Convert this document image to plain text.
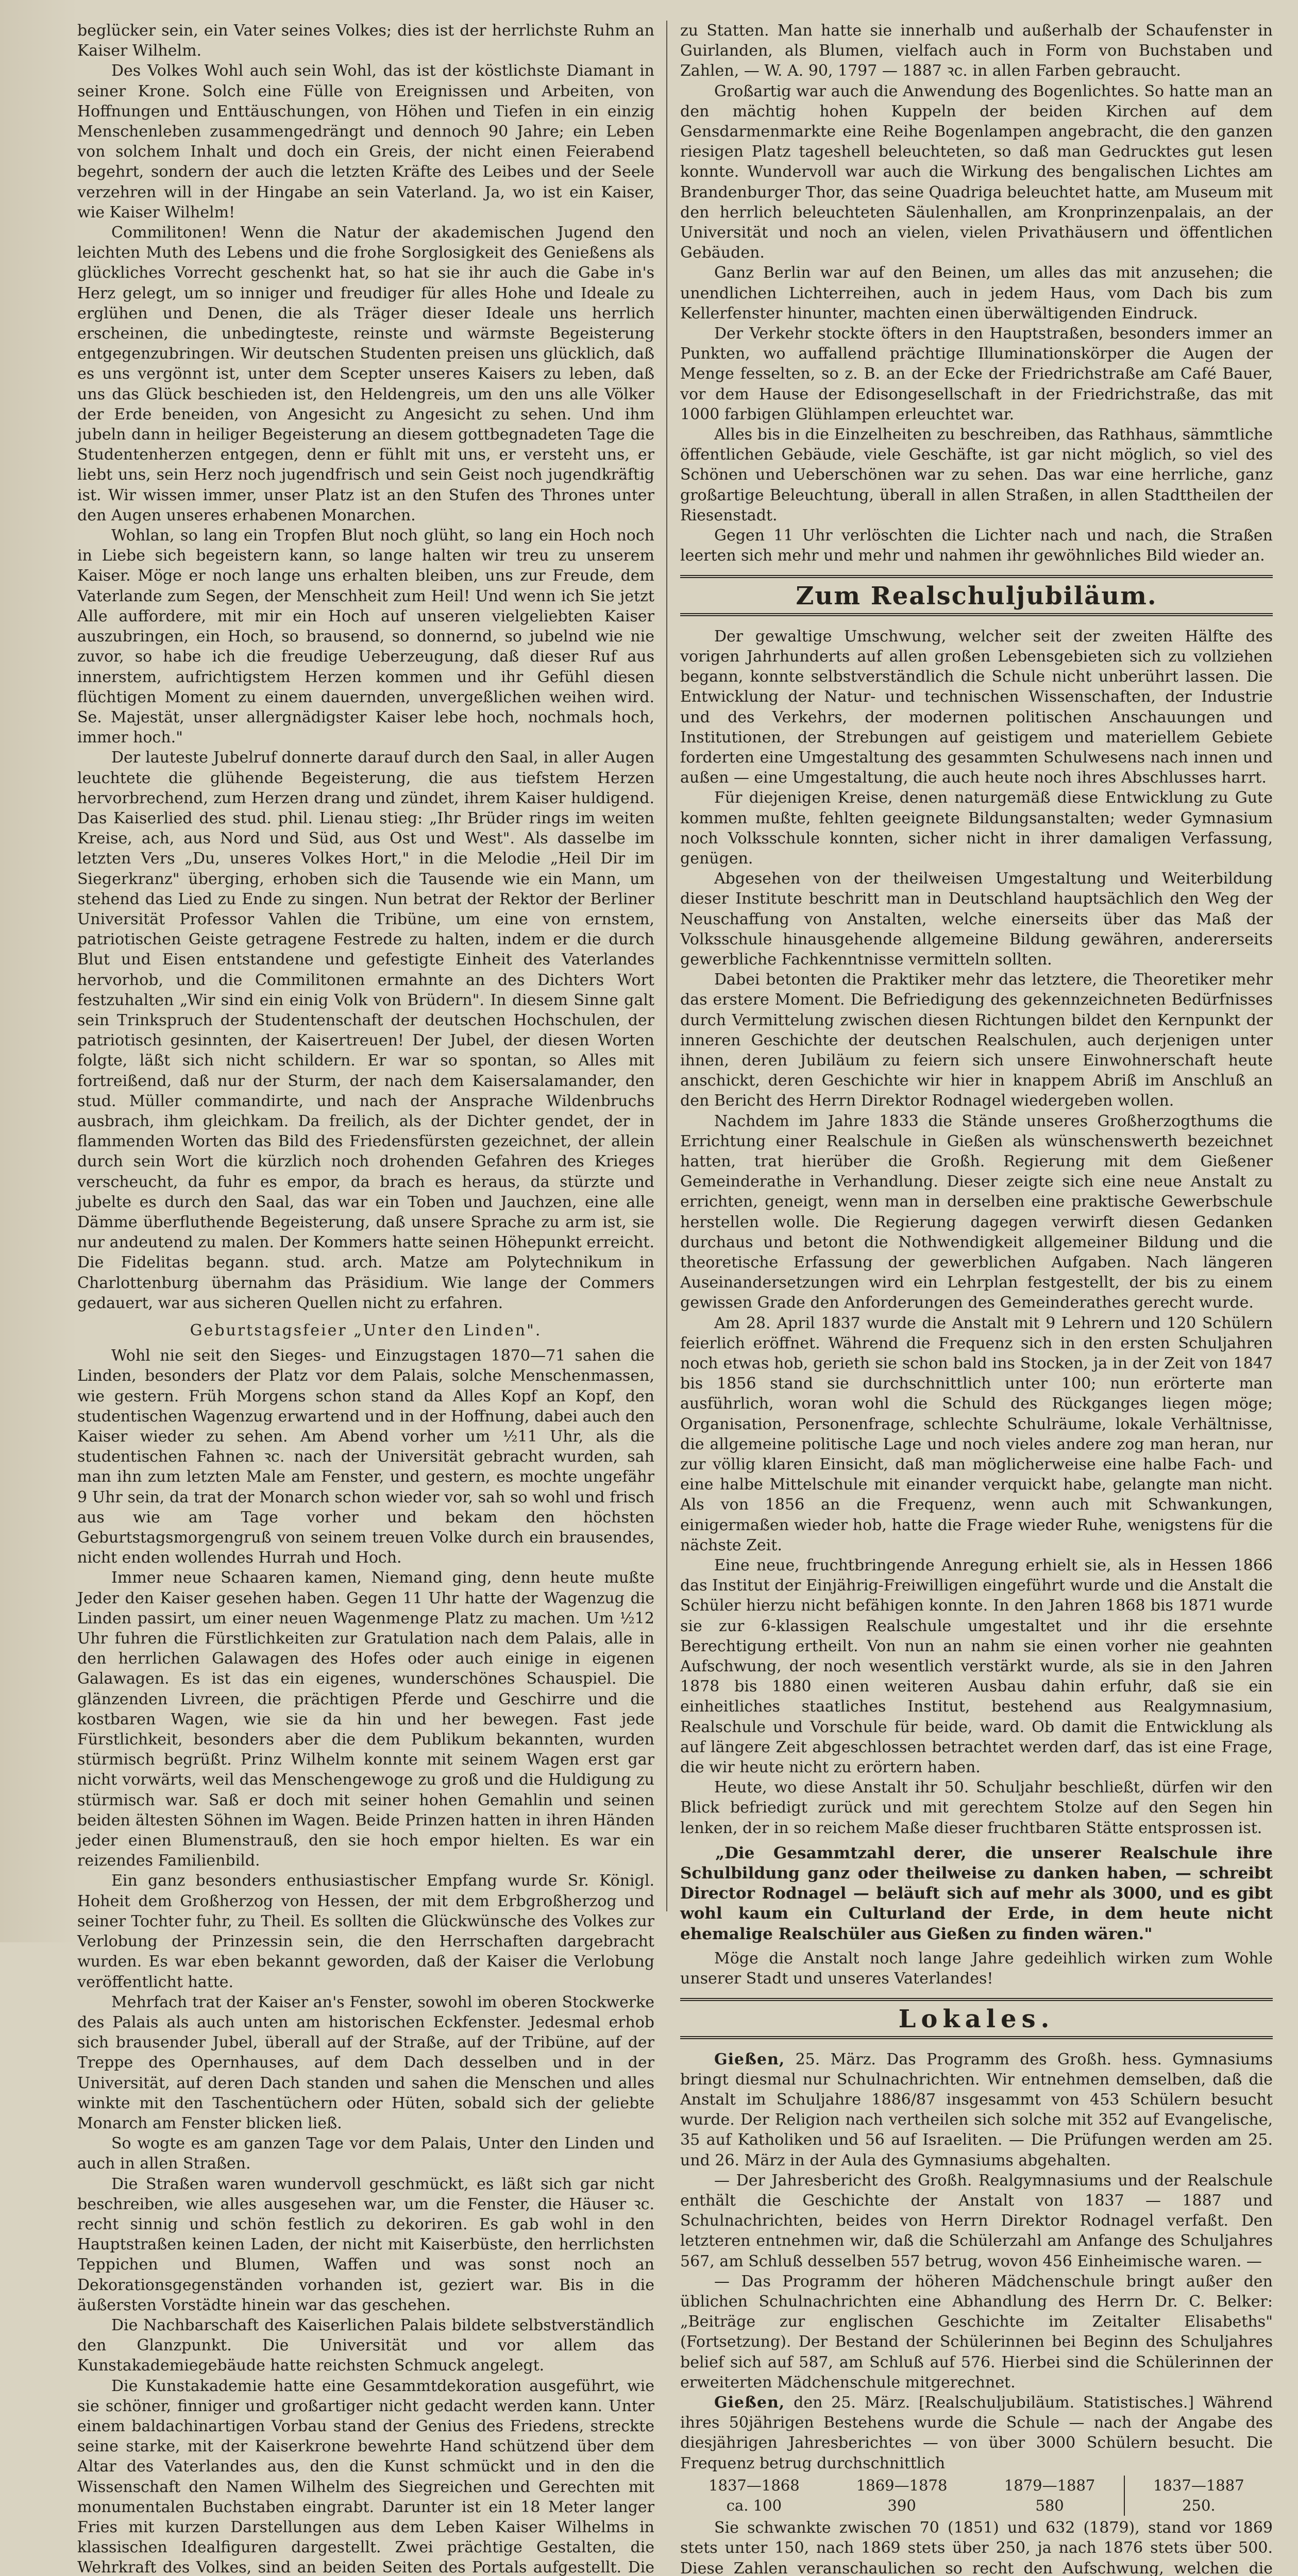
beglücker sein, ein Vater seines Volkes; dies ist der herrlichste Ruhm an Kaiser Wilhelm.

Des Volkes Wohl auch sein Wohl, das ist der köstlichste Diamant in seiner Krone. Solch eine Fülle von Ereignissen und Arbeiten, von Hoffnungen und Enttäuschungen, von Höhen und Tiefen in ein einzig Menschenleben zusammengedrängt und dennoch 90 Jahre; ein Leben von solchem Inhalt und doch ein Greis, der nicht einen Feierabend begehrt, sondern der auch die letzten Kräfte des Leibes und der Seele verzehren will in der Hingabe an sein Vaterland. Ja, wo ist ein Kaiser, wie Kaiser Wilhelm!

Commilitonen! Wenn die Natur der akademischen Jugend den leichten Muth des Lebens und die frohe Sorglosigkeit des Genießens als glückliches Vorrecht geschenkt hat, so hat sie ihr auch die Gabe in's Herz gelegt, um so inniger und freudiger für alles Hohe und Ideale zu erglühen und Denen, die als Träger dieser Ideale uns herrlich erscheinen, die unbedingteste, reinste und wärmste Begeisterung entgegenzubringen. Wir deutschen Studenten preisen uns glücklich, daß es uns vergönnt ist, unter dem Scepter unseres Kaisers zu leben, daß uns das Glück beschieden ist, den Heldengreis, um den uns alle Völker der Erde beneiden, von Angesicht zu Angesicht zu sehen. Und ihm jubeln dann in heiliger Begeisterung an diesem gottbegnadeten Tage die Studentenherzen entgegen, denn er fühlt mit uns, er versteht uns, er liebt uns, sein Herz noch jugendfrisch und sein Geist noch jugendkräftig ist. Wir wissen immer, unser Platz ist an den Stufen des Thrones unter den Augen unseres erhabenen Monarchen.

Wohlan, so lang ein Tropfen Blut noch glüht, so lang ein Hoch noch in Liebe sich begeistern kann, so lange halten wir treu zu unserem Kaiser. Möge er noch lange uns erhalten bleiben, uns zur Freude, dem Vaterlande zum Segen, der Menschheit zum Heil! Und wenn ich Sie jetzt Alle auffordere, mit mir ein Hoch auf unseren vielgeliebten Kaiser auszubringen, ein Hoch, so brausend, so donnernd, so jubelnd wie nie zuvor, so habe ich die freudige Ueberzeugung, daß dieser Ruf aus innerstem, aufrichtigstem Herzen kommen und ihr Gefühl diesen flüchtigen Moment zu einem dauernden, unvergeßlichen weihen wird. Se. Majestät, unser allergnädigster Kaiser lebe hoch, nochmals hoch, immer hoch."

Der lauteste Jubelruf donnerte darauf durch den Saal, in aller Augen leuchtete die glühende Begeisterung, die aus tiefstem Herzen hervorbrechend, zum Herzen drang und zündet, ihrem Kaiser huldigend. Das Kaiserlied des stud. phil. Lienau stieg: „Ihr Brüder rings im weiten Kreise, ach, aus Nord und Süd, aus Ost und West". Als dasselbe im letzten Vers „Du, unseres Volkes Hort," in die Melodie „Heil Dir im Siegerkranz" überging, erhoben sich die Tausende wie ein Mann, um stehend das Lied zu Ende zu singen. Nun betrat der Rektor der Berliner Universität Professor Vahlen die Tribüne, um eine von ernstem, patriotischen Geiste getragene Festrede zu halten, indem er die durch Blut und Eisen entstandene und gefestigte Einheit des Vaterlandes hervorhob, und die Commilitonen ermahnte an des Dichters Wort festzuhalten „Wir sind ein einig Volk von Brüdern". In diesem Sinne galt sein Trinkspruch der Studentenschaft der deutschen Hochschulen, der patriotisch gesinnten, der Kaisertreuen! Der Jubel, der diesen Worten folgte, läßt sich nicht schildern. Er war so spontan, so Alles mit fortreißend, daß nur der Sturm, der nach dem Kaisersalamander, den stud. Müller commandirte, und nach der Ansprache Wildenbruchs ausbrach, ihm gleichkam. Da freilich, als der Dichter gendet, der in flammenden Worten das Bild des Friedensfürsten gezeichnet, der allein durch sein Wort die kürzlich noch drohenden Gefahren des Krieges verscheucht, da fuhr es empor, da brach es heraus, da stürzte und jubelte es durch den Saal, das war ein Toben und Jauchzen, eine alle Dämme überfluthende Begeisterung, daß unsere Sprache zu arm ist, sie nur andeutend zu malen. Der Kommers hatte seinen Höhepunkt erreicht. Die Fidelitas begann. stud. arch. Matze am Polytechnikum in Charlottenburg übernahm das Präsidium. Wie lange der Commers gedauert, war aus sicheren Quellen nicht zu erfahren.

Geburtstagsfeier „Unter den Linden".

Wohl nie seit den Sieges- und Einzugstagen 1870—71 sahen die Linden, besonders der Platz vor dem Palais, solche Menschenmassen, wie gestern. Früh Morgens schon stand da Alles Kopf an Kopf, den studentischen Wagenzug erwartend und in der Hoffnung, dabei auch den Kaiser wieder zu sehen. Am Abend vorher um ½11 Uhr, als die studentischen Fahnen ꝛc. nach der Universität gebracht wurden, sah man ihn zum letzten Male am Fenster, und gestern, es mochte ungefähr 9 Uhr sein, da trat der Monarch schon wieder vor, sah so wohl und frisch aus wie am Tage vorher und bekam den höchsten Geburtstagsmorgengruß von seinem treuen Volke durch ein brausendes, nicht enden wollendes Hurrah und Hoch.

Immer neue Schaaren kamen, Niemand ging, denn heute mußte Jeder den Kaiser gesehen haben. Gegen 11 Uhr hatte der Wagenzug die Linden passirt, um einer neuen Wagenmenge Platz zu machen. Um ½12 Uhr fuhren die Fürstlichkeiten zur Gratulation nach dem Palais, alle in den herrlichen Galawagen des Hofes oder auch einige in eigenen Galawagen. Es ist das ein eigenes, wunderschönes Schauspiel. Die glänzenden Livreen, die prächtigen Pferde und Geschirre und die kostbaren Wagen, wie sie da hin und her bewegen. Fast jede Fürstlichkeit, besonders aber die dem Publikum bekannten, wurden stürmisch begrüßt. Prinz Wilhelm konnte mit seinem Wagen erst gar nicht vorwärts, weil das Menschengewoge zu groß und die Huldigung zu stürmisch war. Saß er doch mit seiner hohen Gemahlin und seinen beiden ältesten Söhnen im Wagen. Beide Prinzen hatten in ihren Händen jeder einen Blumenstrauß, den sie hoch empor hielten. Es war ein reizendes Familienbild.

Ein ganz besonders enthusiastischer Empfang wurde Sr. Königl. Hoheit dem Großherzog von Hessen, der mit dem Erbgroßherzog und seiner Tochter fuhr, zu Theil. Es sollten die Glückwünsche des Volkes zur Verlobung der Prinzessin sein, die den Herrschaften dargebracht wurden. Es war eben bekannt geworden, daß der Kaiser die Verlobung veröffentlicht hatte.

Mehrfach trat der Kaiser an's Fenster, sowohl im oberen Stockwerke des Palais als auch unten am historischen Eckfenster. Jedesmal erhob sich brausender Jubel, überall auf der Straße, auf der Tribüne, auf der Treppe des Opernhauses, auf dem Dach desselben und in der Universität, auf deren Dach standen und sahen die Menschen und alles winkte mit den Taschentüchern oder Hüten, sobald sich der geliebte Monarch am Fenster blicken ließ.

So wogte es am ganzen Tage vor dem Palais, Unter den Linden und auch in allen Straßen.

Die Straßen waren wundervoll geschmückt, es läßt sich gar nicht beschreiben, wie alles ausgesehen war, um die Fenster, die Häuser ꝛc. recht sinnig und schön festlich zu dekoriren. Es gab wohl in den Hauptstraßen keinen Laden, der nicht mit Kaiserbüste, den herrlichsten Teppichen und Blumen, Waffen und was sonst noch an Dekorationsgegenständen vorhanden ist, geziert war. Bis in die äußersten Vorstädte hinein war das geschehen.

Die Nachbarschaft des Kaiserlichen Palais bildete selbstverständlich den Glanzpunkt. Die Universität und vor allem das Kunstakademiegebäude hatte reichsten Schmuck angelegt.

Die Kunstakademie hatte eine Gesammtdekoration ausgeführt, wie sie schöner, finniger und großartiger nicht gedacht werden kann. Unter einem baldachinartigen Vorbau stand der Genius des Friedens, streckte seine starke, mit der Kaiserkrone bewehrte Hand schützend über dem Altar des Vaterlandes aus, den die Kunst schmückt und in den die Wissenschaft den Namen Wilhelm des Siegreichen und Gerechten mit monumentalen Buchstaben eingrabt. Darunter ist ein 18 Meter langer Fries mit kurzen Darstellungen aus dem Leben Kaiser Wilhelms in klassischen Idealfiguren dargestellt. Zwei prächtige Gestalten, die Wehrkraft des Volkes, sind an beiden Seiten des Portals aufgestellt. Die

zu Statten. Man hatte sie innerhalb und außerhalb der Schaufenster in Guirlanden, als Blumen, vielfach auch in Form von Buchstaben und Zahlen, — W. A. 90, 1797 — 1887 ꝛc. in allen Farben gebraucht.

Großartig war auch die Anwendung des Bogenlichtes. So hatte man an den mächtig hohen Kuppeln der beiden Kirchen auf dem Gensdarmenmarkte eine Reihe Bogenlampen angebracht, die den ganzen riesigen Platz tageshell beleuchteten, so daß man Gedrucktes gut lesen konnte. Wundervoll war auch die Wirkung des bengalischen Lichtes am Brandenburger Thor, das seine Quadriga beleuchtet hatte, am Museum mit den herrlich beleuchteten Säulenhallen, am Kronprinzenpalais, an der Universität und noch an vielen, vielen Privathäusern und öffentlichen Gebäuden.

Ganz Berlin war auf den Beinen, um alles das mit anzusehen; die unendlichen Lichterreihen, auch in jedem Haus, vom Dach bis zum Kellerfenster hinunter, machten einen überwältigenden Eindruck.

Der Verkehr stockte öfters in den Hauptstraßen, besonders immer an Punkten, wo auffallend prächtige Illuminationskörper die Augen der Menge fesselten, so z. B. an der Ecke der Friedrichstraße am Café Bauer, vor dem Hause der Edisongesellschaft in der Friedrichstraße, das mit 1000 farbigen Glühlampen erleuchtet war.

Alles bis in die Einzelheiten zu beschreiben, das Rathhaus, sämmtliche öffentlichen Gebäude, viele Geschäfte, ist gar nicht möglich, so viel des Schönen und Ueberschönen war zu sehen. Das war eine herrliche, ganz großartige Beleuchtung, überall in allen Straßen, in allen Stadttheilen der Riesenstadt.

Gegen 11 Uhr verlöschten die Lichter nach und nach, die Straßen leerten sich mehr und mehr und nahmen ihr gewöhnliches Bild wieder an.

Zum Realschuljubiläum.

Der gewaltige Umschwung, welcher seit der zweiten Hälfte des vorigen Jahrhunderts auf allen großen Lebensgebieten sich zu vollziehen begann, konnte selbstverständlich die Schule nicht unberührt lassen. Die Entwicklung der Natur- und technischen Wissenschaften, der Industrie und des Verkehrs, der modernen politischen Anschauungen und Institutionen, der Strebungen auf geistigem und materiellem Gebiete forderten eine Umgestaltung des gesammten Schulwesens nach innen und außen — eine Umgestaltung, die auch heute noch ihres Abschlusses harrt.

Für diejenigen Kreise, denen naturgemäß diese Entwicklung zu Gute kommen mußte, fehlten geeignete Bildungsanstalten; weder Gymnasium noch Volksschule konnten, sicher nicht in ihrer damaligen Verfassung, genügen.

Abgesehen von der theilweisen Umgestaltung und Weiterbildung dieser Institute beschritt man in Deutschland hauptsächlich den Weg der Neuschaffung von Anstalten, welche einerseits über das Maß der Volksschule hinausgehende allgemeine Bildung gewähren, andererseits gewerbliche Fachkenntnisse vermitteln sollten.

Dabei betonten die Praktiker mehr das letztere, die Theoretiker mehr das erstere Moment. Die Befriedigung des gekennzeichneten Bedürfnisses durch Vermittelung zwischen diesen Richtungen bildet den Kernpunkt der inneren Geschichte der deutschen Realschulen, auch derjenigen unter ihnen, deren Jubiläum zu feiern sich unsere Einwohnerschaft heute anschickt, deren Geschichte wir hier in knappem Abriß im Anschluß an den Bericht des Herrn Direktor Rodnagel wiedergeben wollen.

Nachdem im Jahre 1833 die Stände unseres Großherzogthums die Errichtung einer Realschule in Gießen als wünschenswerth bezeichnet hatten, trat hierüber die Großh. Regierung mit dem Gießener Gemeinderathe in Verhandlung. Dieser zeigte sich eine neue Anstalt zu errichten, geneigt, wenn man in derselben eine praktische Gewerbschule herstellen wolle. Die Regierung dagegen verwirft diesen Gedanken durchaus und betont die Nothwendigkeit allgemeiner Bildung und die theoretische Erfassung der gewerblichen Aufgaben. Nach längeren Auseinandersetzungen wird ein Lehrplan festgestellt, der bis zu einem gewissen Grade den Anforderungen des Gemeinderathes gerecht wurde.

Am 28. April 1837 wurde die Anstalt mit 9 Lehrern und 120 Schülern feierlich eröffnet. Während die Frequenz sich in den ersten Schuljahren noch etwas hob, gerieth sie schon bald ins Stocken, ja in der Zeit von 1847 bis 1856 stand sie durchschnittlich unter 100; nun erörterte man ausführlich, woran wohl die Schuld des Rückganges liegen möge; Organisation, Personenfrage, schlechte Schulräume, lokale Verhältnisse, die allgemeine politische Lage und noch vieles andere zog man heran, nur zur völlig klaren Einsicht, daß man möglicherweise eine halbe Fach- und eine halbe Mittelschule mit einander verquickt habe, gelangte man nicht. Als von 1856 an die Frequenz, wenn auch mit Schwankungen, einigermaßen wieder hob, hatte die Frage wieder Ruhe, wenigstens für die nächste Zeit.

Eine neue, fruchtbringende Anregung erhielt sie, als in Hessen 1866 das Institut der Einjährig-Freiwilligen eingeführt wurde und die Anstalt die Schüler hierzu nicht befähigen konnte. In den Jahren 1868 bis 1871 wurde sie zur 6-klassigen Realschule umgestaltet und ihr die ersehnte Berechtigung ertheilt. Von nun an nahm sie einen vorher nie geahnten Aufschwung, der noch wesentlich verstärkt wurde, als sie in den Jahren 1878 bis 1880 einen weiteren Ausbau dahin erfuhr, daß sie ein einheitliches staatliches Institut, bestehend aus Realgymnasium, Realschule und Vorschule für beide, ward. Ob damit die Entwicklung als auf längere Zeit abgeschlossen betrachtet werden darf, das ist eine Frage, die wir heute nicht zu erörtern haben.

Heute, wo diese Anstalt ihr 50. Schuljahr beschließt, dürfen wir den Blick befriedigt zurück und mit gerechtem Stolze auf den Segen hin lenken, der in so reichem Maße dieser fruchtbaren Stätte entsprossen ist.

„Die Gesammtzahl derer, die unserer Realschule ihre Schulbildung ganz oder theilweise zu danken haben, — schreibt Director Rodnagel — beläuft sich auf mehr als 3000, und es gibt wohl kaum ein Culturland der Erde, in dem heute nicht ehemalige Realschüler aus Gießen zu finden wären."

Möge die Anstalt noch lange Jahre gedeihlich wirken zum Wohle unserer Stadt und unseres Vaterlandes!

Lokales.

Gießen, 25. März. Das Programm des Großh. hess. Gymnasiums bringt diesmal nur Schulnachrichten. Wir entnehmen demselben, daß die Anstalt im Schuljahre 1886/87 insgesammt von 453 Schülern besucht wurde. Der Religion nach vertheilen sich solche mit 352 auf Evangelische, 35 auf Katholiken und 56 auf Israeliten. — Die Prüfungen werden am 25. und 26. März in der Aula des Gymnasiums abgehalten.

— Der Jahresbericht des Großh. Realgymnasiums und der Realschule enthält die Geschichte der Anstalt von 1837 — 1887 und Schulnachrichten, beides von Herrn Direktor Rodnagel verfaßt. Den letzteren entnehmen wir, daß die Schülerzahl am Anfange des Schuljahres 567, am Schluß desselben 557 betrug, wovon 456 Einheimische waren. —

— Das Programm der höheren Mädchenschule bringt außer den üblichen Schulnachrichten eine Abhandlung des Herrn Dr. C. Belker: „Beiträge zur englischen Geschichte im Zeitalter Elisabeths" (Fortsetzung). Der Bestand der Schülerinnen bei Beginn des Schuljahres belief sich auf 587, am Schluß auf 576. Hierbei sind die Schülerinnen der erweiterten Mädchenschule mitgerechnet.

Gießen, den 25. März. [Realschuljubiläum. Statistisches.] Während ihres 50jährigen Bestehens wurde die Schule — nach der Angabe des diesjährigen Jahresberichtes — von über 3000 Schülern besucht. Die Frequenz betrug durchschnittlich

1837—1868	1869—1878	1879—1887	1837—1887
ca. 100	390	580	250.

Sie schwankte zwischen 70 (1851) und 632 (1879), stand vor 1869 stets unter 150, nach 1869 stets über 250, ja nach 1876 stets über 500. Diese Zahlen veranschaulichen so recht den Aufschwung, welchen die
